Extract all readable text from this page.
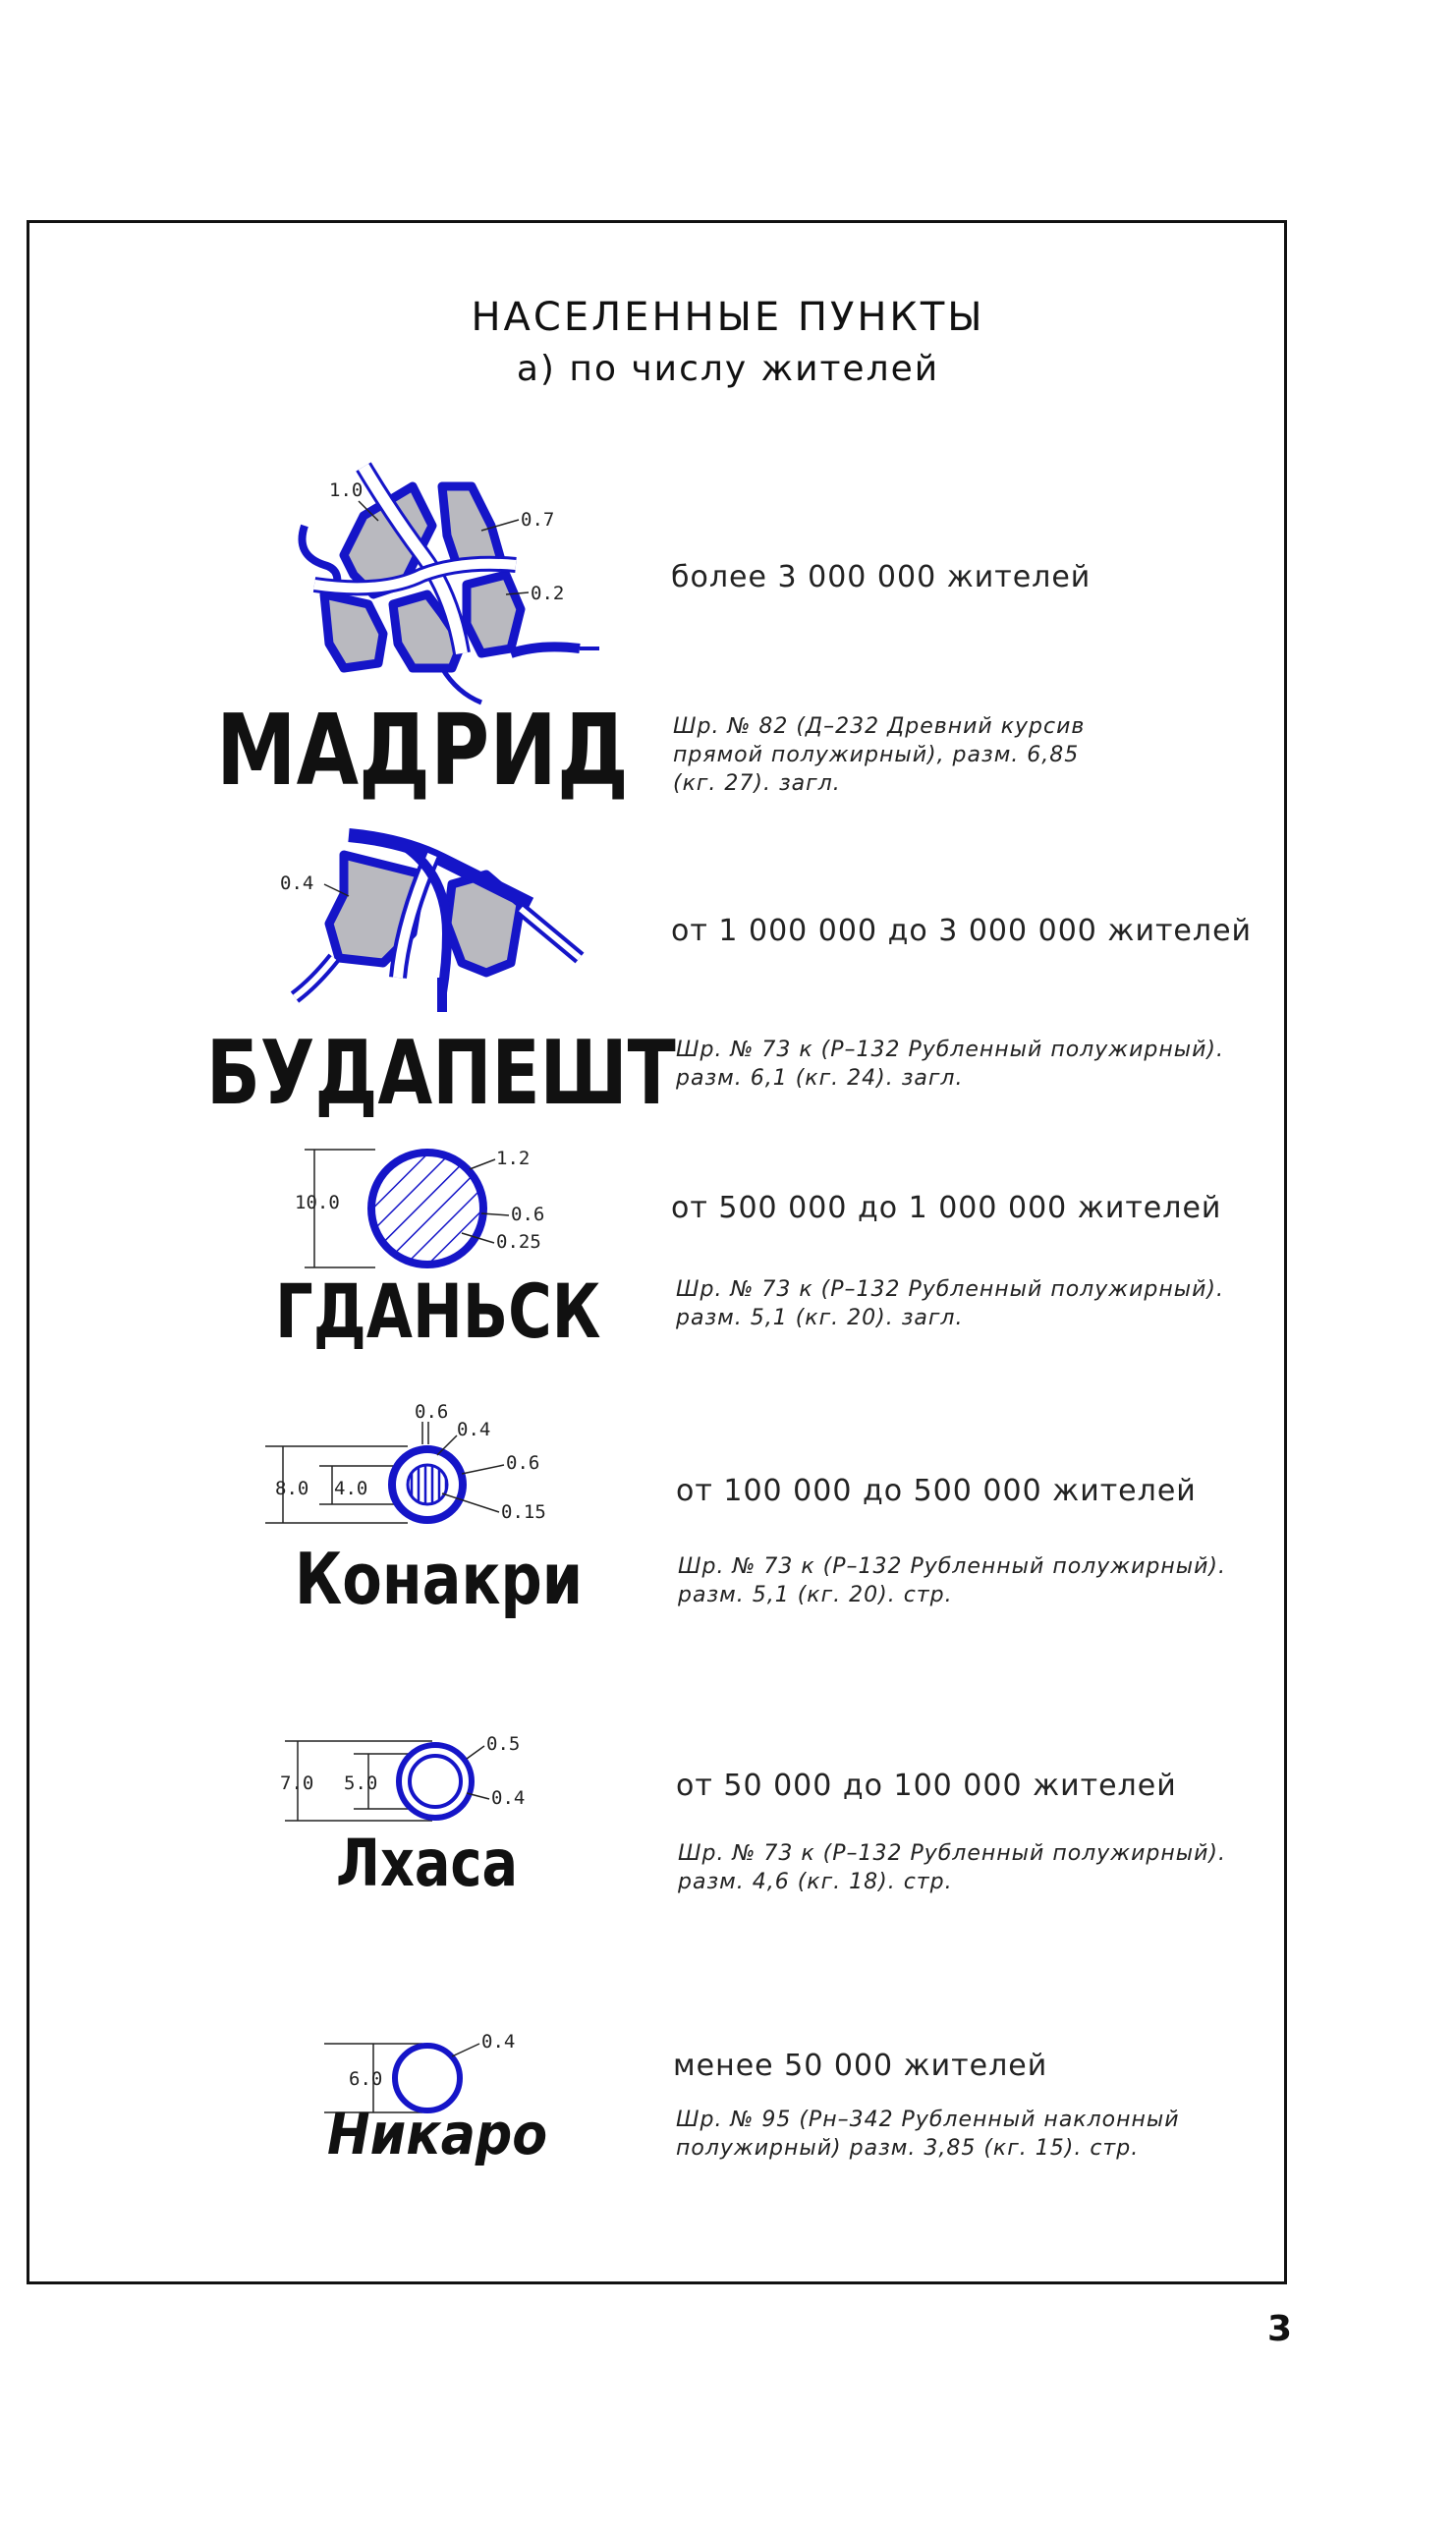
НАСЕЛЕННЫЕ ПУНКТЫ
а) по числу жителей
1.0
0.7
0.2
МАДРИД
более 3 000 000 жителей
Шр. № 82 (Д–232 Древний курсив
прямой полужирный), разм. 6,85
(кг. 27). загл.
0.4
БУДАПЕШТ
от 1 000 000 до 3 000 000 жителей
Шр. № 73 к (Р–132 Рубленный полужирный).
разм. 6,1 (кг. 24). загл.
10.0
1.2
0.6
0.25
ГДАНЬСК
от 500 000 до 1 000 000 жителей
Шр. № 73 к (Р–132 Рубленный полужирный).
разм. 5,1 (кг. 20). загл.
8.0 4.0
0.6
0.4
0.6
0.15
Конакри
от 100 000 до 500 000 жителей
Шр. № 73 к (Р–132 Рубленный полужирный).
разм. 5,1 (кг. 20). стр.
7.0 5.0
0.5
0.4
Лхаса
от 50 000 до 100 000 жителей
Шр. № 73 к (Р–132 Рубленный полужирный).
разм. 4,6 (кг. 18). стр.
6.0
0.4
Никаро
менее 50 000 жителей
Шр. № 95 (Рн–342 Рубленный наклонный
полужирный) разм. 3,85 (кг. 15). стр.
3
